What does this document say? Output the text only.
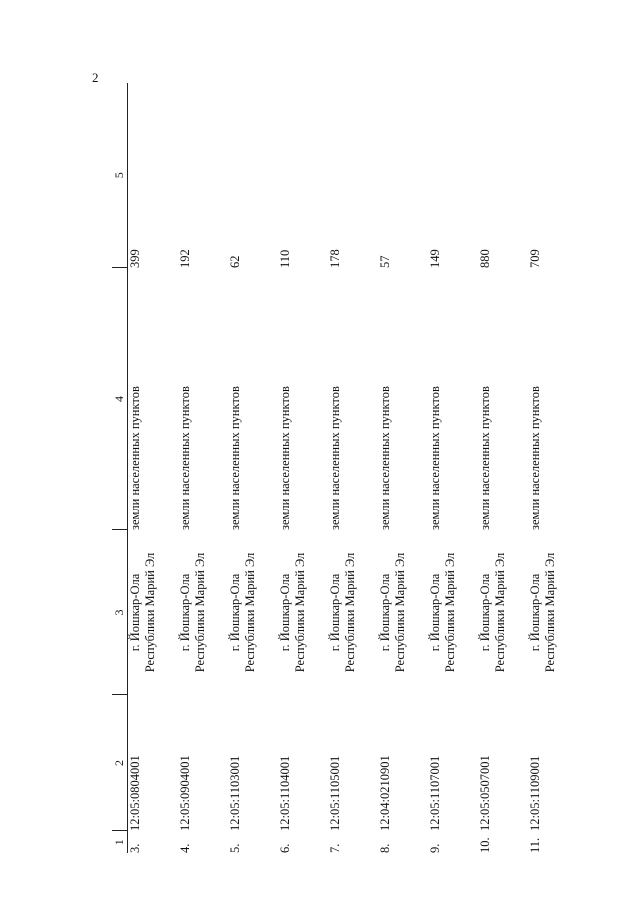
2
1	2	3	4	5
3.	12:05:0804001	г. Йошкар-Ола Республики Марий Эл	земли населенных пунктов	399
4.	12:05:0904001	г. Йошкар-Ола Республики Марий Эл	земли населенных пунктов	192
5.	12:05:1103001	г. Йошкар-Ола Республики Марий Эл	земли населенных пунктов	62
6.	12:05:1104001	г. Йошкар-Ола Республики Марий Эл	земли населенных пунктов	110
7.	12:05:1105001	г. Йошкар-Ола Республики Марий Эл	земли населенных пунктов	178
8.	12:04:0210901	г. Йошкар-Ола Республики Марий Эл	земли населенных пунктов	57
9.	12:05:1107001	г. Йошкар-Ола Республики Марий Эл	земли населенных пунктов	149
10.	12:05:0507001	г. Йошкар-Ола Республики Марий Эл	земли населенных пунктов	880
11.	12:05:1109001	г. Йошкар-Ола Республики Марий Эл	земли населенных пунктов	709
